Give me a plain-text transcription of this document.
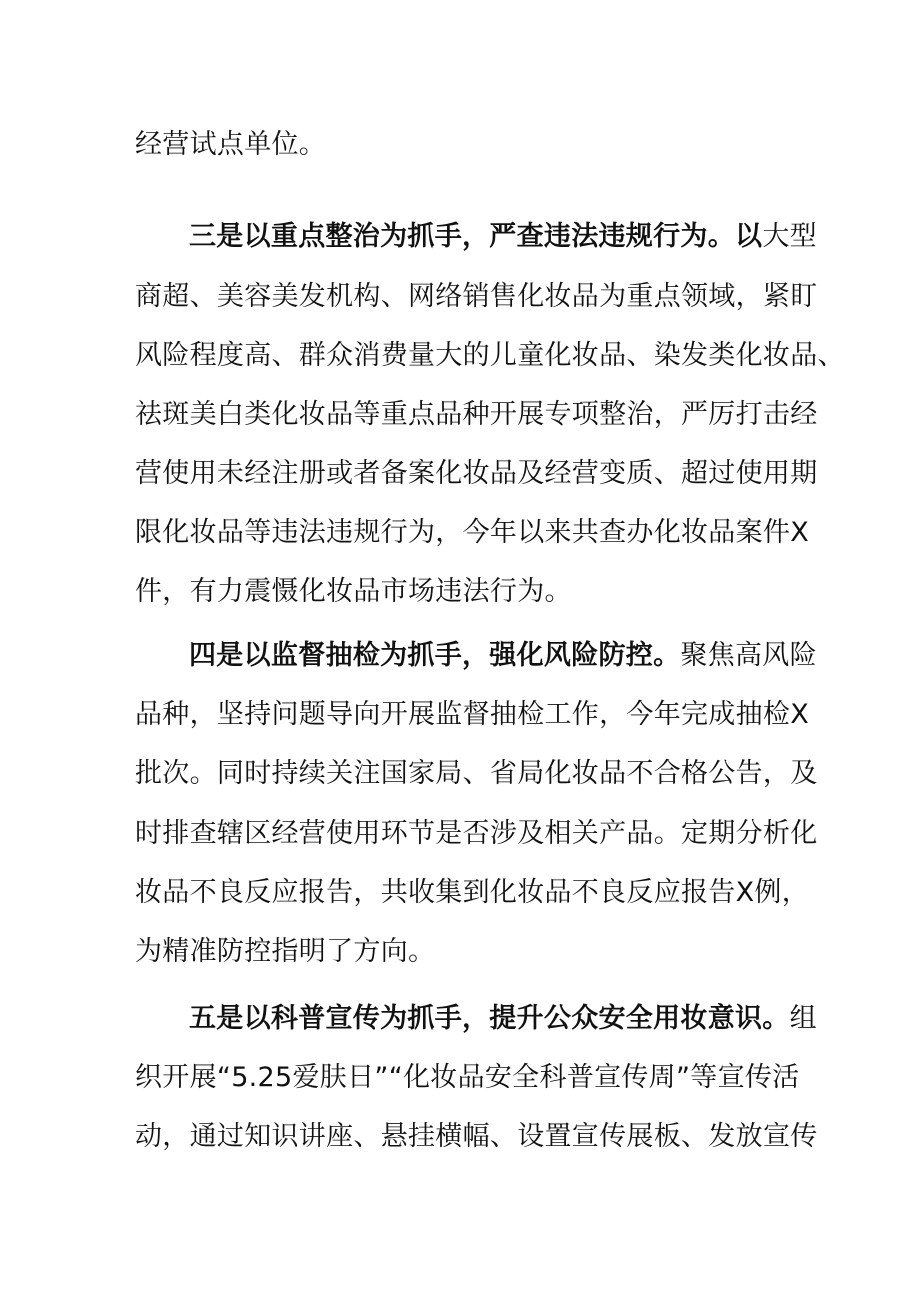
经营试点单位。
三是以重点整治为抓手，严查违法违规行为。以大型
商超、美容美发机构、网络销售化妆品为重点领域，紧盯
风险程度高、群众消费量大的儿童化妆品、染发类化妆品、
祛斑美白类化妆品等重点品种开展专项整治，严厉打击经
营使用未经注册或者备案化妆品及经营变质、超过使用期
限化妆品等违法违规行为，今年以来共查办化妆品案件X
件，有力震慑化妆品市场违法行为。
四是以监督抽检为抓手，强化风险防控。聚焦高风险
品种，坚持问题导向开展监督抽检工作，今年完成抽检X
批次。同时持续关注国家局、省局化妆品不合格公告，及
时排查辖区经营使用环节是否涉及相关产品。定期分析化
妆品不良反应报告，共收集到化妆品不良反应报告X例，
为精准防控指明了方向。
五是以科普宣传为抓手，提升公众安全用妆意识。组
织开展“5.25爱肤日”“化妆品安全科普宣传周”等宣传活
动，通过知识讲座、悬挂横幅、设置宣传展板、发放宣传
